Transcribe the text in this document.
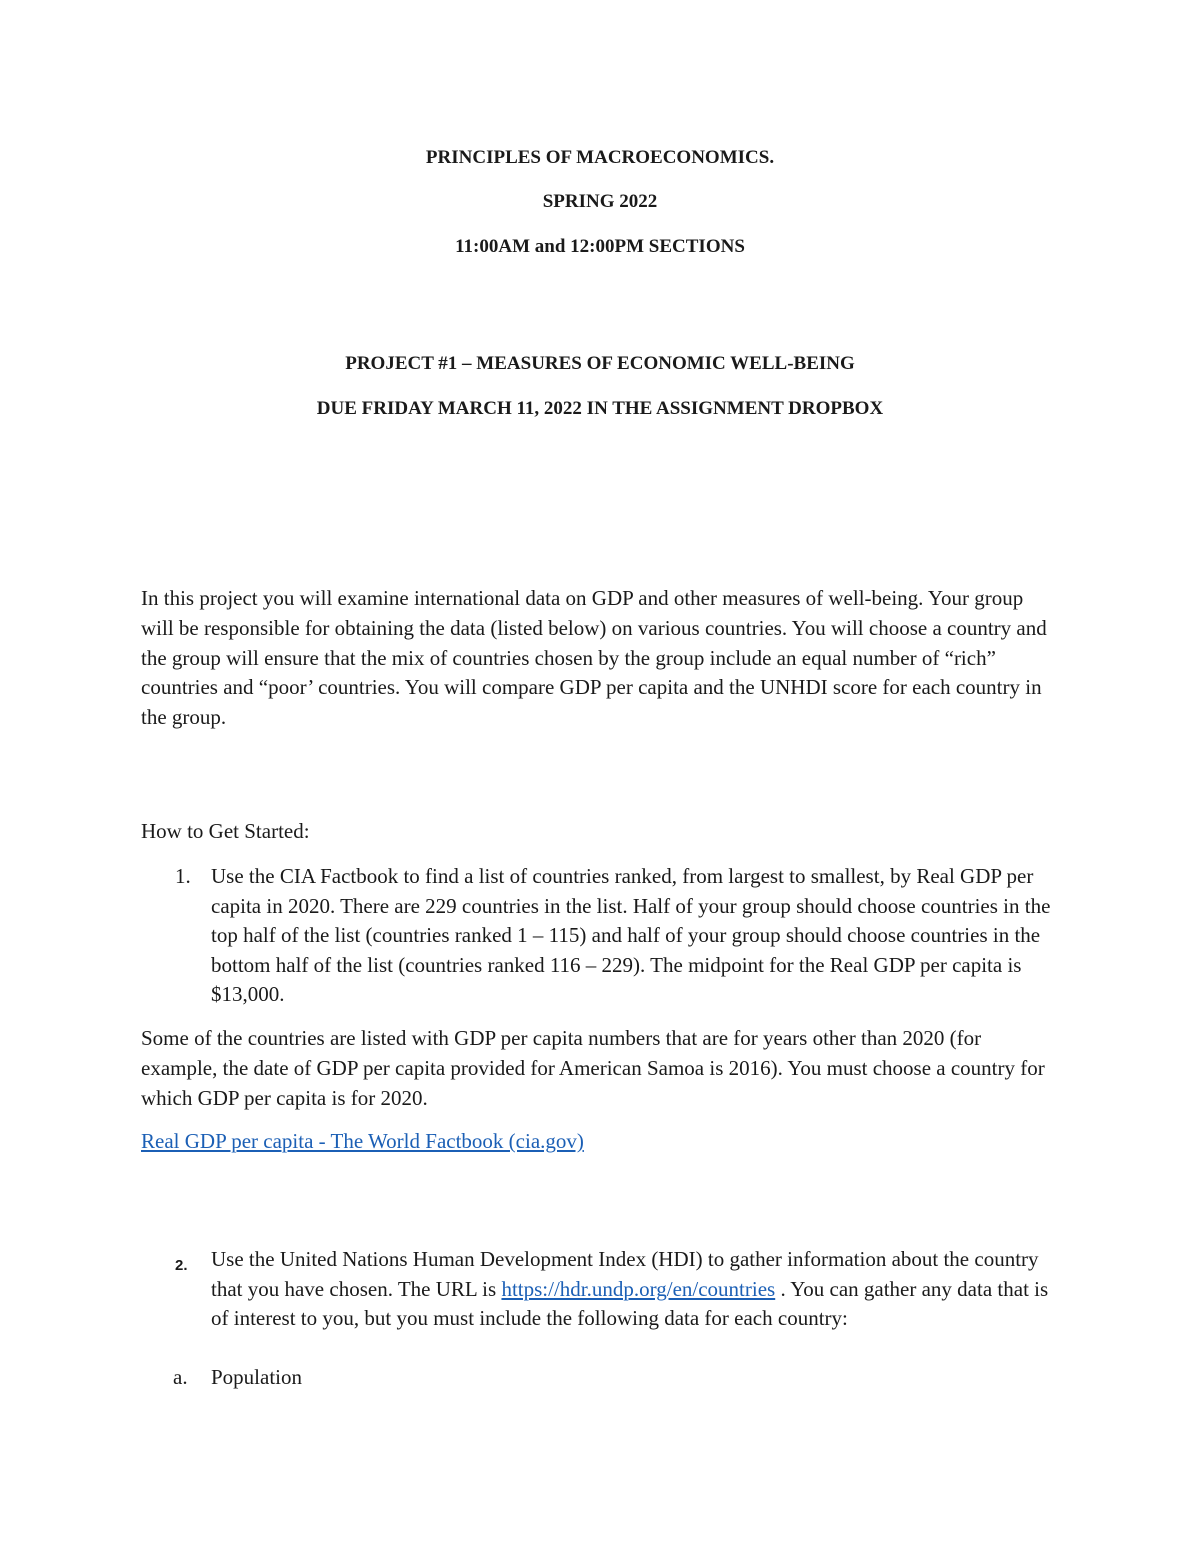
PRINCIPLES OF MACROECONOMICS.
SPRING 2022
11:00AM and 12:00PM SECTIONS
PROJECT #1 – MEASURES OF ECONOMIC WELL-BEING
DUE FRIDAY MARCH 11, 2022 IN THE ASSIGNMENT DROPBOX
In this project you will examine international data on GDP and other measures of well-being. Your group will be responsible for obtaining the data (listed below) on various countries. You will choose a country and the group will ensure that the mix of countries chosen by the group include an equal number of “rich” countries and “poor’ countries. You will compare GDP per capita and the UNHDI score for each country in the group.
How to Get Started:
1. Use the CIA Factbook to find a list of countries ranked, from largest to smallest, by Real GDP per capita in 2020. There are 229 countries in the list. Half of your group should choose countries in the top half of the list (countries ranked 1 – 115) and half of your group should choose countries in the bottom half of the list (countries ranked 116 – 229). The midpoint for the Real GDP per capita is $13,000.
Some of the countries are listed with GDP per capita numbers that are for years other than 2020 (for example, the date of GDP per capita provided for American Samoa is 2016). You must choose a country for which GDP per capita is for 2020.
Real GDP per capita - The World Factbook (cia.gov)
2. Use the United Nations Human Development Index (HDI) to gather information about the country that you have chosen. The URL is https://hdr.undp.org/en/countries . You can gather any data that is of interest to you, but you must include the following data for each country:
a. Population
